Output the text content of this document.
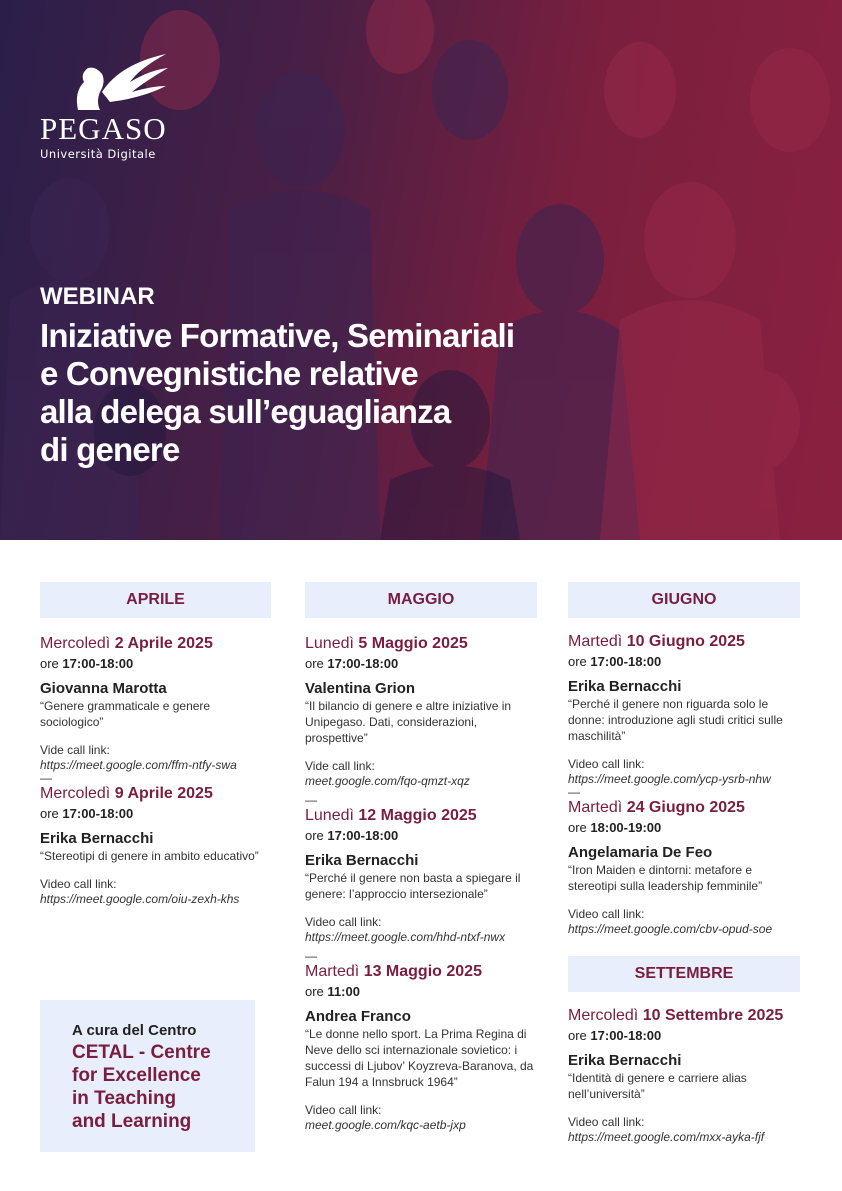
PEGASO
Università Digitale
WEBINAR
Iniziative Formative, Seminariali
e Convegnistiche relative
alla delega sull’eguaglianza
di genere
APRILE
Mercoledì 2 Aprile 2025
ore 17:00-18:00
Giovanna Marotta
“Genere grammaticale e genere sociologico”
Vide call link:
https://meet.google.com/ffm-ntfy-swa
—
Mercoledì 9 Aprile 2025
ore 17:00-18:00
Erika Bernacchi
“Stereotipi di genere in ambito educativo”
Video call link:
https://meet.google.com/oiu-zexh-khs
MAGGIO
Lunedì 5 Maggio 2025
ore 17:00-18:00
Valentina Grion
“Il bilancio di genere e altre iniziative in Unipegaso. Dati, considerazioni, prospettive”
Vide call link:
meet.google.com/fqo-qmzt-xqz
—
Lunedì 12 Maggio 2025
ore 17:00-18:00
Erika Bernacchi
“Perché il genere non basta a spiegare il genere: l’approccio intersezionale”
Video call link:
https://meet.google.com/hhd-ntxf-nwx
—
Martedì 13 Maggio 2025
ore 11:00
Andrea Franco
“Le donne nello sport. La Prima Regina di Neve dello sci internazionale sovietico: i successi di Ljubov’ Koyzreva-Baranova, da Falun 194 a Innsbruck 1964”
Video call link:
meet.google.com/kqc-aetb-jxp
GIUGNO
Martedì 10 Giugno 2025
ore 17:00-18:00
Erika Bernacchi
“Perché il genere non riguarda solo le donne: introduzione agli studi critici sulle maschilità”
Video call link:
https://meet.google.com/ycp-ysrb-nhw
—
Martedì 24 Giugno 2025
ore 18:00-19:00
Angelamaria De Feo
“Iron Maiden e dintorni: metafore e stereotipi sulla leadership femminile”
Video call link:
https://meet.google.com/cbv-opud-soe
SETTEMBRE
Mercoledì 10 Settembre 2025
ore 17:00-18:00
Erika Bernacchi
“Identità di genere e carriere alias nell’università”
Video call link:
https://meet.google.com/mxx-ayka-fjf
A cura del Centro
CETAL - Centre
for Excellence
in Teaching
and Learning
